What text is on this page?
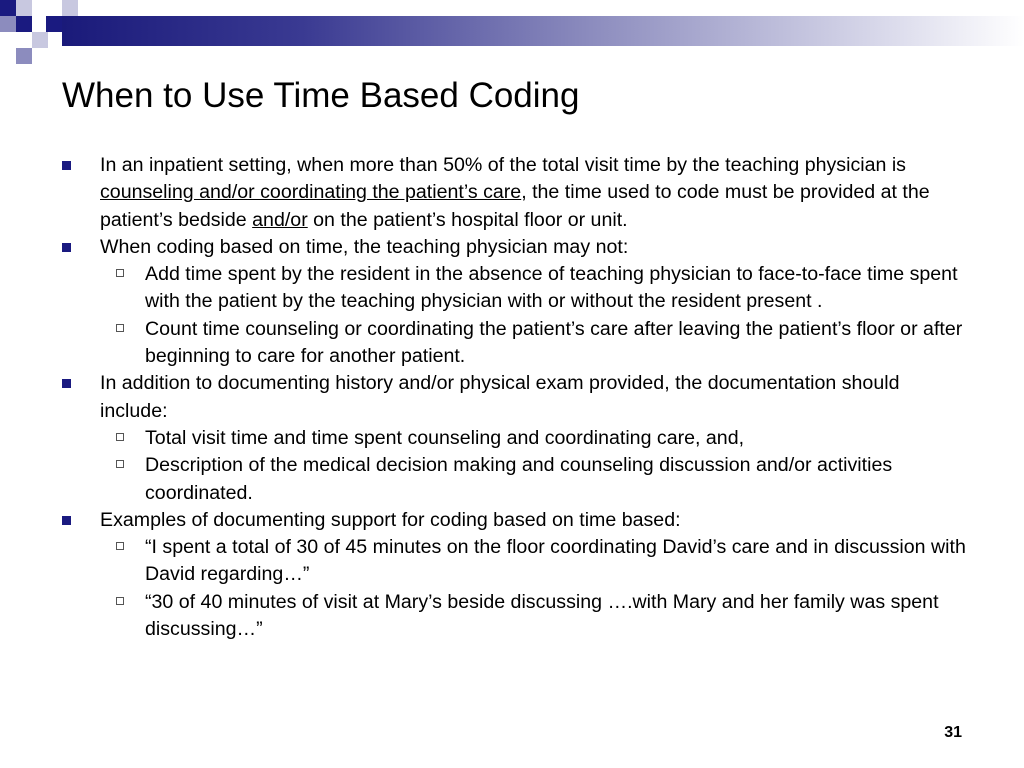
When to Use Time Based Coding
In an inpatient setting, when more than 50% of the total visit time by the teaching physician is counseling and/or coordinating the patient’s care, the time used to code must be provided at the patient’s bedside and/or on the patient’s hospital floor or unit.
When coding based on time, the teaching physician may not:
Add time spent by the resident in the absence of teaching physician to face-to-face time spent with the patient by the teaching physician with or without the resident present .
Count time counseling or coordinating the patient’s care after leaving the patient’s floor or after beginning to care for another patient.
In addition to documenting history and/or physical exam provided, the documentation should include:
Total visit time and time spent counseling and coordinating care, and,
Description of the medical decision making and counseling discussion and/or activities coordinated.
Examples of documenting support for coding based on time based:
“I spent a total of 30 of 45 minutes on the floor coordinating David’s care and in discussion with David regarding…”
“30 of 40 minutes of visit at Mary’s beside discussing ….with Mary and her family was spent discussing…”
31
